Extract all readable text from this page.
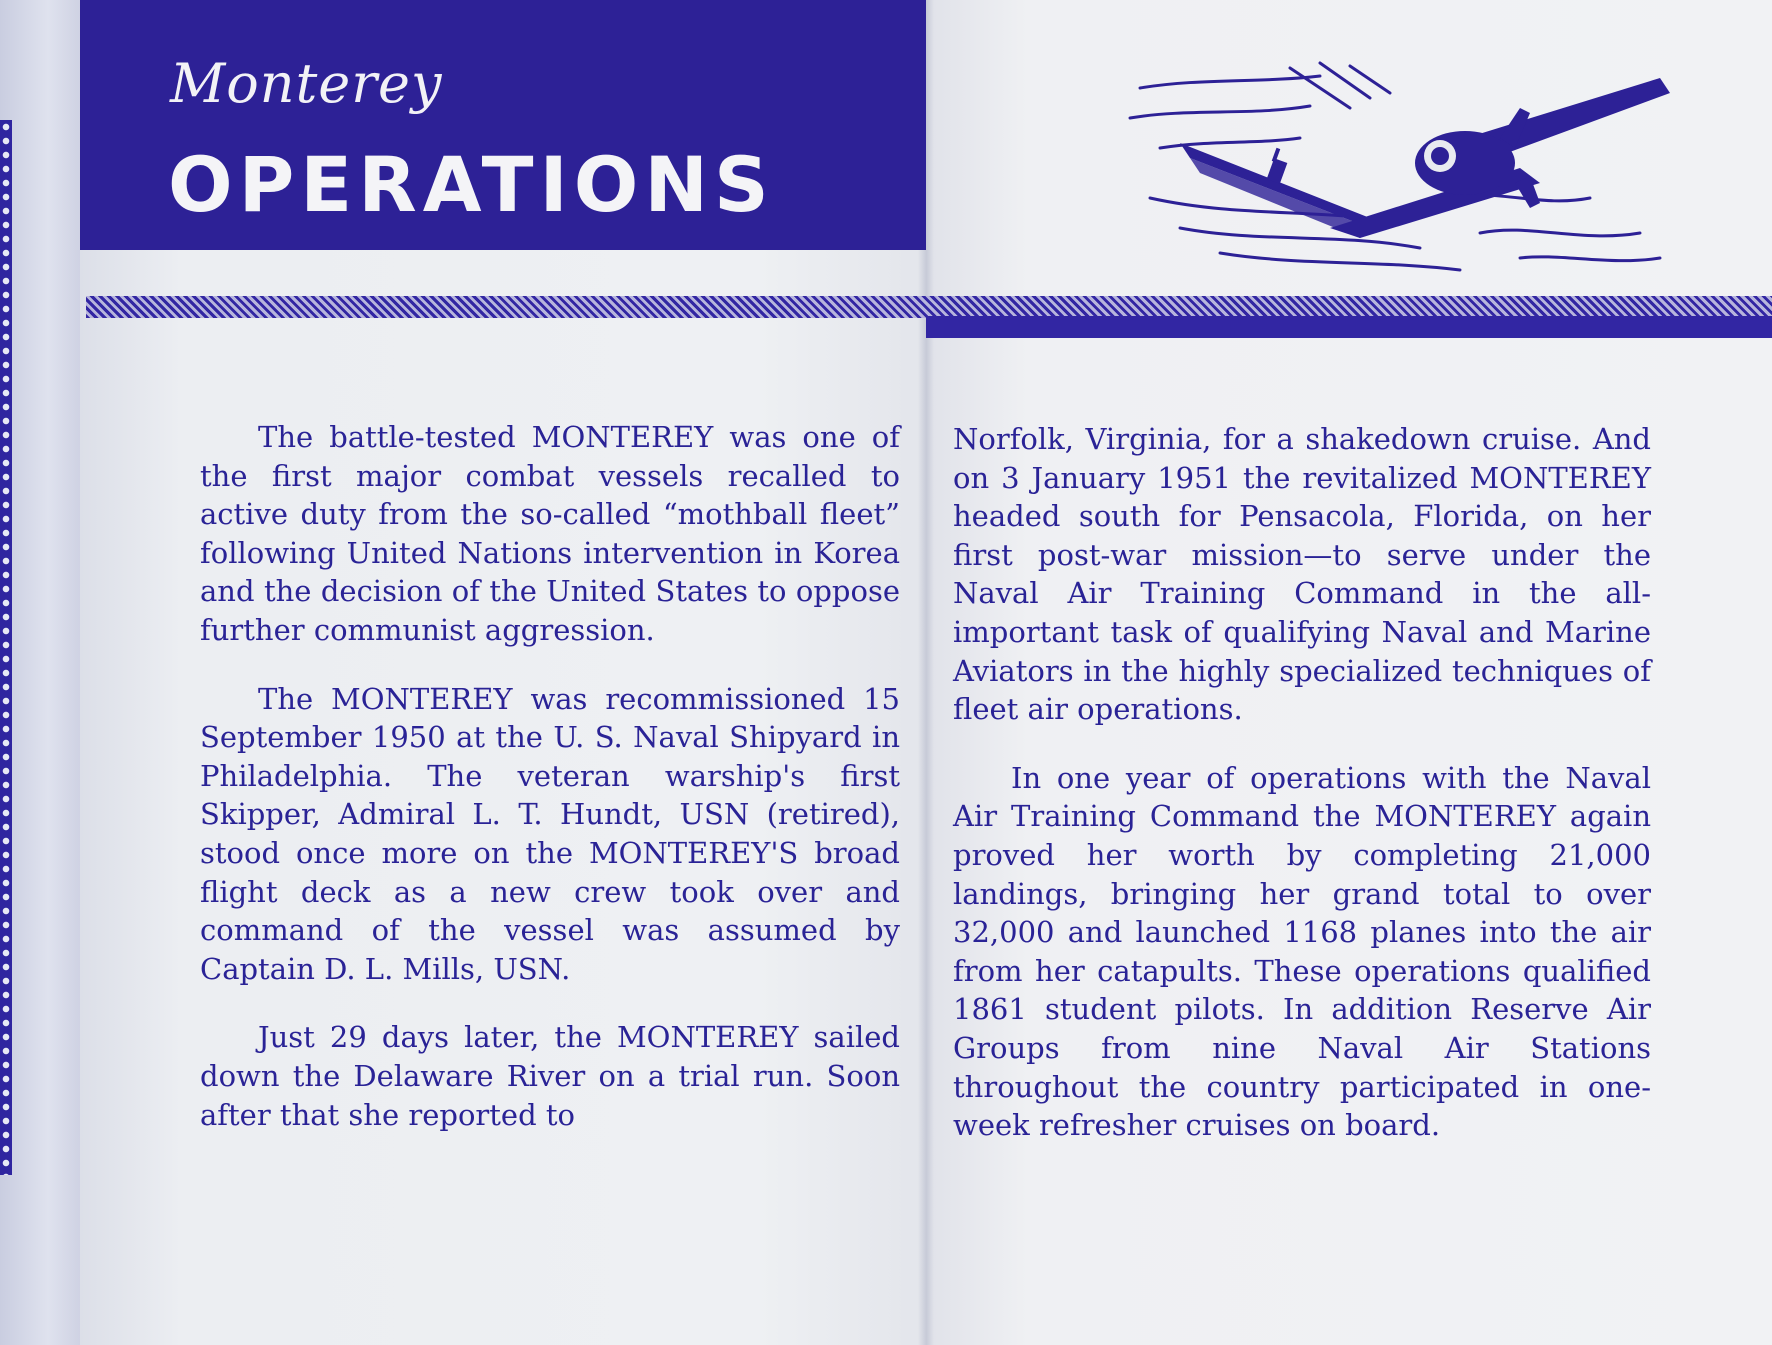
Monterey
OPERATIONS

The battle-tested MONTEREY was one of the first major combat vessels recalled to active duty from the so-called “mothball fleet” following United Nations intervention in Korea and the decision of the United States to oppose further communist aggression.

The MONTEREY was recommissioned 15 September 1950 at the U. S. Naval Shipyard in Philadelphia. The veteran warship's first Skipper, Admiral L. T. Hundt, USN (retired), stood once more on the MONTEREY'S broad flight deck as a new crew took over and command of the vessel was assumed by Captain D. L. Mills, USN.

Just 29 days later, the MONTEREY sailed down the Delaware River on a trial run. Soon after that she reported to

Norfolk, Virginia, for a shakedown cruise. And on 3 January 1951 the revitalized MONTEREY headed south for Pensacola, Florida, on her first post-war mission—to serve under the Naval Air Training Command in the all-important task of qualifying Naval and Marine Aviators in the highly specialized techniques of fleet air operations.

In one year of operations with the Naval Air Training Command the MONTEREY again proved her worth by completing 21,000 landings, bringing her grand total to over 32,000 and launched 1168 planes into the air from her catapults. These operations qualified 1861 student pilots. In addition Reserve Air Groups from nine Naval Air Stations throughout the country participated in one-week refresher cruises on board.
